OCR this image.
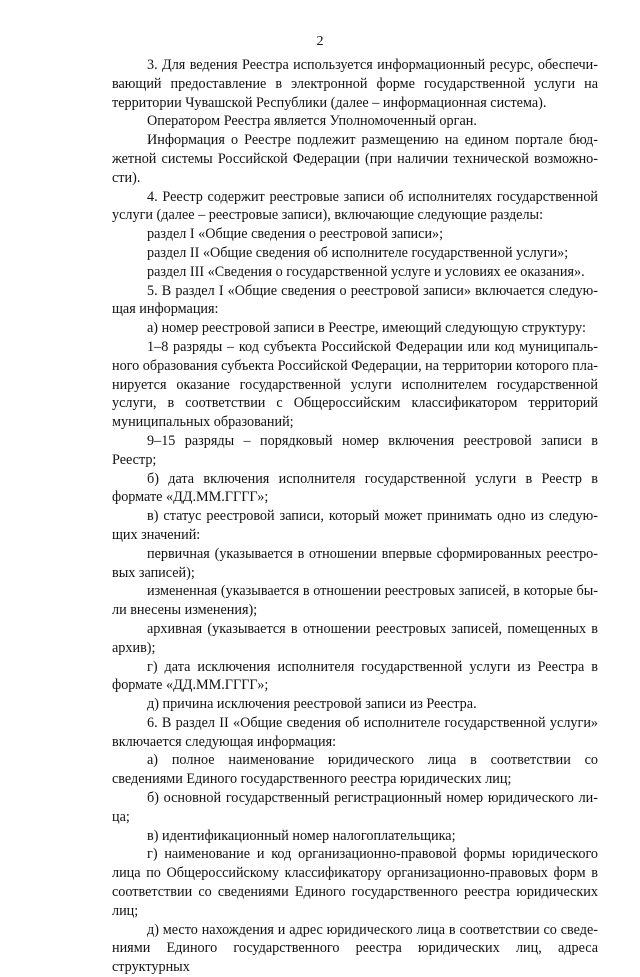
2

3. Для ведения Реестра используется информационный ресурс, обеспечивающий предоставление в электронной форме государственной услуги на территории Чувашской Республики (далее – информационная система).

Оператором Реестра является Уполномоченный орган.

Информация о Реестре подлежит размещению на едином портале бюджетной системы Российской Федерации (при наличии технической возможности).

4. Реестр содержит реестровые записи об исполнителях государственной услуги (далее – реестровые записи), включающие следующие разделы:

раздел I «Общие сведения о реестровой записи»;

раздел II «Общие сведения об исполнителе государственной услуги»;

раздел III «Сведения о государственной услуге и условиях ее оказания».

5. В раздел I «Общие сведения о реестровой записи» включается следующая информация:

а) номер реестровой записи в Реестре, имеющий следующую структуру:

1–8 разряды – код субъекта Российской Федерации или код муниципального образования субъекта Российской Федерации, на территории которого планируется оказание государственной услуги исполнителем государственной услуги, в соответствии с Общероссийским классификатором территорий муниципальных образований;

9–15 разряды – порядковый номер включения реестровой записи в Реестр;

б) дата включения исполнителя государственной услуги в Реестр в формате «ДД.ММ.ГГГГ»;

в) статус реестровой записи, который может принимать одно из следующих значений:

первичная (указывается в отношении впервые сформированных реестровых записей);

измененная (указывается в отношении реестровых записей, в которые были внесены изменения);

архивная (указывается в отношении реестровых записей, помещенных в архив);

г) дата исключения исполнителя государственной услуги из Реестра в формате «ДД.ММ.ГГГГ»;

д) причина исключения реестровой записи из Реестра.

6. В раздел II «Общие сведения об исполнителе государственной услуги» включается следующая информация:

а) полное наименование юридического лица в соответствии со сведениями Единого государственного реестра юридических лиц;

б) основной государственный регистрационный номер юридического лица;

в) идентификационный номер налогоплательщика;

г) наименование и код организационно-правовой формы юридического лица по Общероссийскому классификатору организационно-правовых форм в соответствии со сведениями Единого государственного реестра юридических лиц;

д) место нахождения и адрес юридического лица в соответствии со сведениями Единого государственного реестра юридических лиц, адреса структурных
